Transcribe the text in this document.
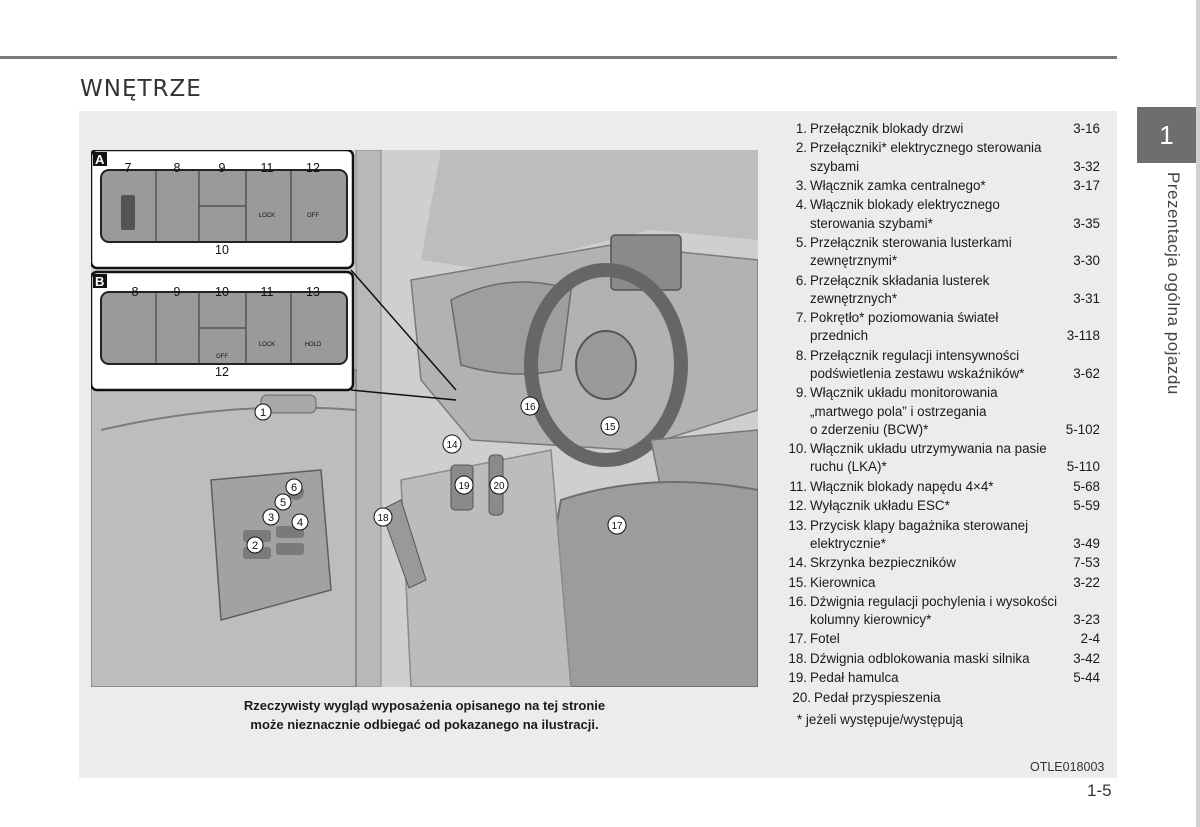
WNĘTRZE
A
7	8	9	11	12
10
LOCK	OFF
B
8	9	10	11	13
12
OFF
LOCK	HOLD
1
2
3 4
5
6
14
15
16
17
18
19 20
Rzeczywisty wygląd wyposażenia opisanego na tej stronie
może nieznacznie odbiegać od pokazanego na ilustracji.
1. Przełącznik blokady drzwi	3-16
2. Przełączniki* elektrycznego sterowania
szybami	3-32
3. Włącznik zamka centralnego*	3-17
4. Włącznik blokady elektrycznego
sterowania szybami*	3-35
5. Przełącznik sterowania lusterkami
zewnętrznymi*	3-30
6. Przełącznik składania lusterek
zewnętrznych*	3-31
7. Pokrętło* poziomowania świateł
przednich	3-118
8. Przełącznik regulacji intensywności
podświetlenia zestawu wskaźników*	3-62
9. Włącznik układu monitorowania
„martwego pola” i ostrzegania
o zderzeniu (BCW)*	5-102
10. Włącznik układu utrzymywania na pasie
ruchu (LKA)*	5-110
11. Włącznik blokady napędu 4×4*	5-68
12. Wyłącznik układu ESC*	5-59
13. Przycisk klapy bagażnika sterowanej
elektrycznie*	3-49
14. Skrzynka bezpieczników	7-53
15. Kierownica	3-22
16. Dźwignia regulacji pochylenia i wysokości
kolumny kierownicy*	3-23
17. Fotel	2-4
18. Dźwignia odblokowania maski silnika	3-42
19. Pedał hamulca	5-44
20. Pedał przyspieszenia
* jeżeli występuje/występują
OTLE018003
1-5
1
Prezentacja ogólna pojazdu
